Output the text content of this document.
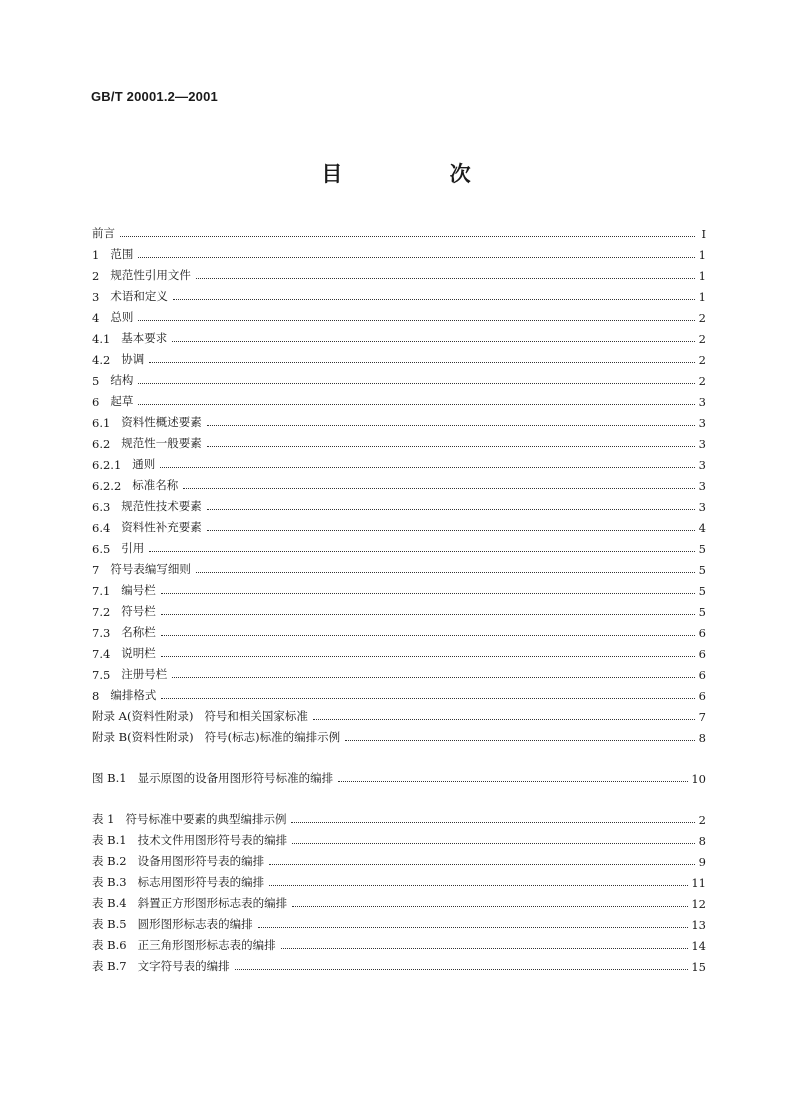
GB/T 20001.2—2001
目 次
前言	I
1 范围	1
2 规范性引用文件	1
3 术语和定义	1
4 总则	2
4.1 基本要求	2
4.2 协调	2
5 结构	2
6 起草	3
6.1 资料性概述要素	3
6.2 规范性一般要素	3
6.2.1 通则	3
6.2.2 标准名称	3
6.3 规范性技术要素	3
6.4 资料性补充要素	4
6.5 引用	5
7 符号表编写细则	5
7.1 编号栏	5
7.2 符号栏	5
7.3 名称栏	6
7.4 说明栏	6
7.5 注册号栏	6
8 编排格式	6
附录 A(资料性附录) 符号和相关国家标准	7
附录 B(资料性附录) 符号(标志)标准的编排示例	8
图 B.1 显示原图的设备用图形符号标准的编排	10
表 1 符号标准中要素的典型编排示例	2
表 B.1 技术文件用图形符号表的编排	8
表 B.2 设备用图形符号表的编排	9
表 B.3 标志用图形符号表的编排	11
表 B.4 斜置正方形图形标志表的编排	12
表 B.5 圆形图形标志表的编排	13
表 B.6 正三角形图形标志表的编排	14
表 B.7 文字符号表的编排	15
